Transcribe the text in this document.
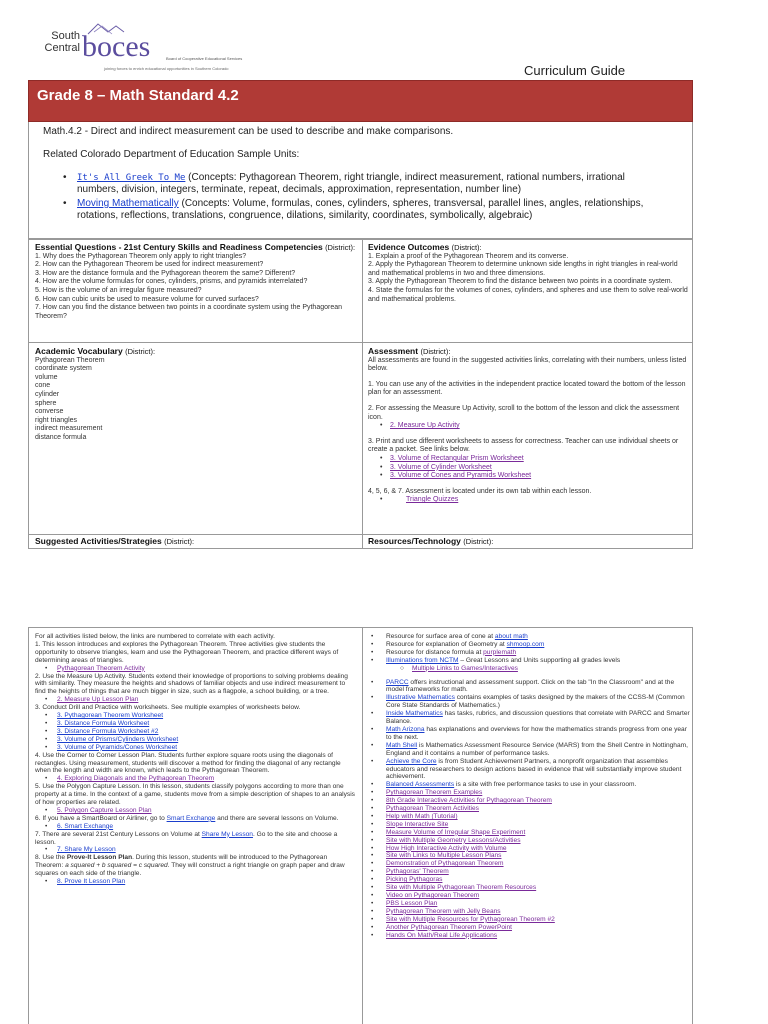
South
Central boces	Board of Cooperative Educational Services
joining forces to enrich educational opportunities in Southern Colorado	Curriculum Guide
Grade 8 – Math Standard 4.2
Math.4.2 - Direct and indirect measurement can be used to describe and make comparisons.
Related Colorado Department of Education Sample Units:
• It's All Greek To Me (Concepts: Pythagorean Theorem, right triangle, indirect measurement, rational numbers, irrational numbers, division, integers, terminate, repeat, decimals, approximation, representation, number line)
• Moving Mathematically (Concepts: Volume, formulas, cones, cylinders, spheres, transversal, parallel lines, angles, relationships, rotations, reflections, translations, congruence, dilations, similarity, coordinates, symbolically, algebraic)
Essential Questions - 21st Century Skills and Readiness Competencies (District):
1. Why does the Pythagorean Theorem only apply to right triangles?
2. How can the Pythagorean Theorem be used for indirect measurement?
3. How are the distance formula and the Pythagorean theorem the same? Different?
4. How are the volume formulas for cones, cylinders, prisms, and pyramids interrelated?
5. How is the volume of an irregular figure measured?
6. How can cubic units be used to measure volume for curved surfaces?
7. How can you find the distance between two points in a coordinate system using the Pythagorean Theorem?
Evidence Outcomes (District):
1. Explain a proof of the Pythagorean Theorem and its converse.
2. Apply the Pythagorean Theorem to determine unknown side lengths in right triangles in real-world and mathematical problems in two and three dimensions.
3. Apply the Pythagorean Theorem to find the distance between two points in a coordinate system.
4. State the formulas for the volumes of cones, cylinders, and spheres and use them to solve real-world and mathematical problems.
Academic Vocabulary (District):
Pythagorean Theorem
coordinate system
volume
cone
cylinder
sphere
converse
right triangles
indirect measurement
distance formula
Assessment (District):
All assessments are found in the suggested activities links, correlating with their numbers, unless listed below.
1. You can use any of the activities in the independent practice located toward the bottom of the lesson plan for an assessment.
2. For assessing the Measure Up Activity, scroll to the bottom of the lesson and click the assessment icon.
• 2. Measure Up Activity
3. Print and use different worksheets to assess for correctness. Teacher can use individual sheets or create a packet. See links below.
• 3. Volume of Rectangular Prism Worksheet
• 3. Volume of Cylinder Worksheet
• 3. Volume of Cones and Pyramids Worksheet
4, 5, 6, & 7. Assessment is located under its own tab within each lesson.
• Triangle Quizzes
Suggested Activities/Strategies (District):	Resources/Technology (District):
For all activities listed below, the links are numbered to correlate with each activity.
1. This lesson introduces and explores the Pythagorean Theorem. Three activities give students the opportunity to observe triangles, learn and use the Pythagorean Theorem, and practice different ways of determining areas of triangles.
• Pythagorean Theorem Activity
2. Use the Measure Up Activity. Students extend their knowledge of proportions to solving problems dealing with similarity. They measure the heights and shadows of familiar objects and use indirect measurement to find the heights of things that are much bigger in size, such as a flagpole, a school building, or a tree.
• 2. Measure Up Lesson Plan
3. Conduct Drill and Practice with worksheets. See multiple examples of worksheets below.
• 3. Pythagorean Theorem Worksheet
• 3. Distance Formula Worksheet
• 3. Distance Formula Worksheet #2
• 3. Volume of Prisms/Cylinders Worksheet
• 3. Volume of Pyramids/Cones Worksheet
4. Use the Corner to Corner Lesson Plan. Students further explore square roots using the diagonals of rectangles. Using measurement, students will discover a method for finding the diagonal of any rectangle when the length and width are known, which leads to the Pythagorean Theorem.
• 4. Exploring Diagonals and the Pythagorean Theorem
5. Use the Polygon Capture Lesson. In this lesson, students classify polygons according to more than one property at a time. In the context of a game, students move from a simple description of shapes to an analysis of how properties are related.
• 5. Polygon Capture Lesson Plan
6. If you have a SmartBoard or Airliner, go to Smart Exchange and there are several lessons on Volume.
• 6. Smart Exchange
7. There are several 21st Century Lessons on Volume at Share My Lesson. Go to the site and choose a lesson.
• 7. Share My Lesson
8. Use the Prove-It Lesson Plan. During this lesson, students will be introduced to the Pythagorean Theorem: a squared + b squared = c squared. They will construct a right triangle on graph paper and draw squares on each side of the triangle.
• 8. Prove It Lesson Plan
• Resource for surface area of cone at about math
• Resource for explanation of Geometry at shmoop.com
• Resource for distance formula at purplemath
• Illuminations from NCTM – Great Lessons and Units supporting all grades levels
○ Multiple Links to Games/Interactives
• PARCC offers instructional and assessment support. Click on the tab "In the Classroom" and at the model frameworks for math.
• Illustrative Mathematics contains examples of tasks designed by the makers of the CCSS-M (Common Core State Standards of Mathematics.)
• Inside Mathematics has tasks, rubrics, and discussion questions that correlate with PARCC and Smarter Balance.
• Math Arizona has explanations and overviews for how the mathematics strands progress from one year to the next.
• Math Shell is Mathematics Assessment Resource Service (MARS) from the Shell Centre in Nottingham, England and it contains a number of performance tasks.
• Achieve the Core is from Student Achievement Partners, a nonprofit organization that assembles educators and researchers to design actions based in evidence that will substantially improve student achievement.
• Balanced Assessments is a site with free performance tasks to use in your classroom.
• Pythagorean Theorem Examples
• 8th Grade Interactive Activities for Pythagorean Theorem
• Pythagorean Theorem Activities
• Help with Math (Tutorial)
• Slope Interactive Site
• Measure Volume of Irregular Shape Experiment
• Site with Multiple Geometry Lessons/Activities
• How High Interactive Activity with Volume
• Site with Links to Multiple Lesson Plans
• Demonstration of Pythagorean Theorem
• Pythagoras' Theorem
• Picking Pythagoras
• Site with Multiple Pythagorean Theorem Resources
• Video on Pythagorean Theorem
• PBS Lesson Plan
• Pythagorean Theorem with Jelly Beans
• Site with Multiple Resources for Pythagorean Theorem #2
• Another Pythagorean Theorem PowerPoint
• Hands On Math/Real Life Applications
